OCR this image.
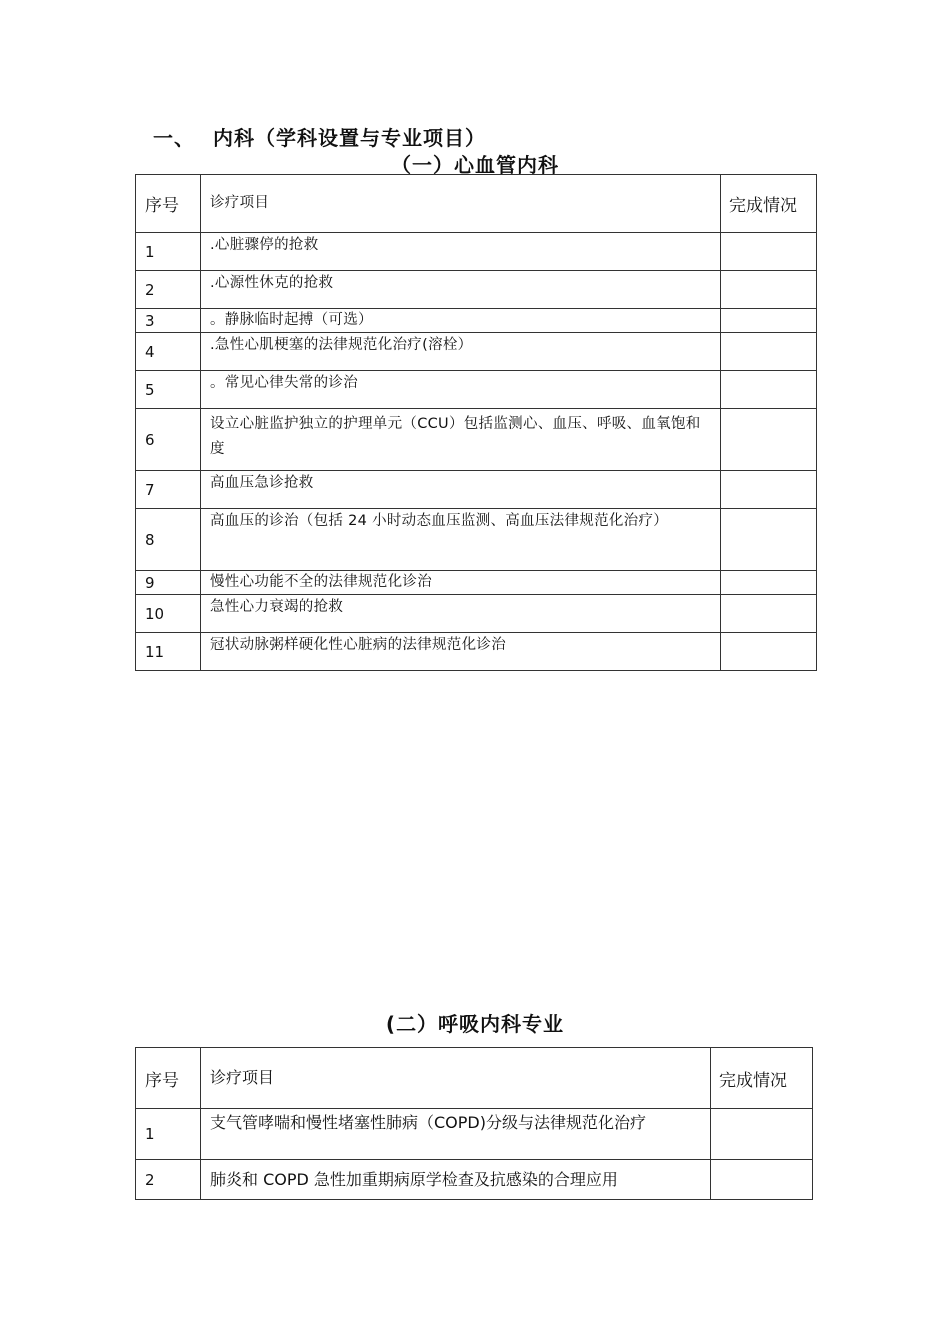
一、 内科（学科设置与专业项目）
（一）心血管内科
序号	诊疗项目	完成情况
1	.心脏骤停的抢救	
2	.心源性休克的抢救	
3	。静脉临时起搏（可选）	
4	.急性心肌梗塞的法律规范化治疗(溶栓）	
5	。常见心律失常的诊治	
6	设立心脏监护独立的护理单元（CCU）包括监测心、血压、呼吸、血氧饱和度	
7	高血压急诊抢救	
8	高血压的诊治（包括 24 小时动态血压监测、高血压法律规范化治疗）	
9	慢性心功能不全的法律规范化诊治	
10	急性心力衰竭的抢救	
11	冠状动脉粥样硬化性心脏病的法律规范化诊治	
(二）呼吸内科专业
序号	诊疗项目	完成情况
1	支气管哮喘和慢性堵塞性肺病（COPD)分级与法律规范化治疗	
2	肺炎和 COPD 急性加重期病原学检查及抗感染的合理应用	
